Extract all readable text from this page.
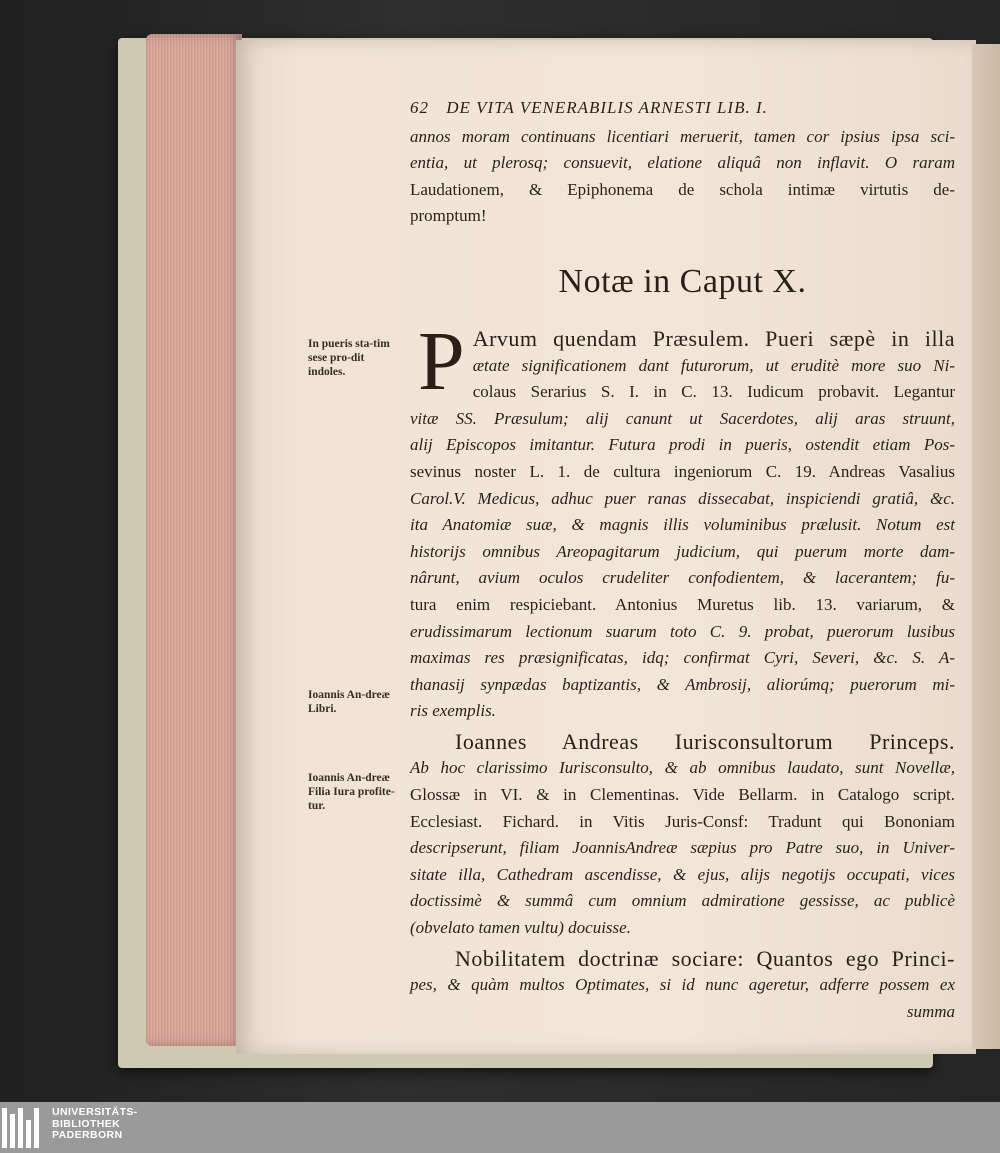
· · ·
· · ·
· · ·
· · ·
In pueris sta-tim sese pro-dit indoles.
Ioannis An-dreæ Libri.
Ioannis An-dreæ Filia Iura profite-tur.
62 DE VITA VENERABILIS ARNESTI LIB. I.
annos moram continuans licentiari meruerit, tamen cor ipsius ipsa sci-
entia, ut plerosq; consuevit, elatione aliquâ non inflavit. O raram
Laudationem, & Epiphonema de schola intimæ virtutis de-
promptum!
Notæ in Caput X.
P Arvum quendam Præsulem. Pueri sæpè in illa
ætate significationem dant futurorum, ut eruditè more suo Ni-
colaus Serarius S. I. in C. 13. Iudicum probavit. Legantur
vitæ SS. Præsulum; alij canunt ut Sacerdotes, alij aras struunt,
alij Episcopos imitantur. Futura prodi in pueris, ostendit etiam Pos-
sevinus noster L. 1. de cultura ingeniorum C. 19. Andreas Vasalius
Carol.V. Medicus, adhuc puer ranas dissecabat, inspiciendi gratiâ, &c.
ita Anatomiæ suæ, & magnis illis voluminibus prælusit. Notum est
historijs omnibus Areopagitarum judicium, qui puerum morte dam-
nârunt, avium oculos crudeliter confodientem, & lacerantem; fu-
tura enim respiciebant. Antonius Muretus lib. 13. variarum, &
erudissimarum lectionum suarum toto C. 9. probat, puerorum lusibus
maximas res præsignificatas, idq; confirmat Cyri, Severi, &c. S. A-
thanasij synpædas baptizantis, & Ambrosij, aliorúmq; puerorum mi-
ris exemplis.
Ioannes Andreas Iurisconsultorum Princeps.
Ab hoc clarissimo Iurisconsulto, & ab omnibus laudato, sunt Novellæ,
Glossæ in VI. & in Clementinas. Vide Bellarm. in Catalogo script.
Ecclesiast. Fichard. in Vitis Juris-Consf: Tradunt qui Bononiam
descripserunt, filiam JoannisAndreæ sæpius pro Patre suo, in Univer-
sitate illa, Cathedram ascendisse, & ejus, alijs negotijs occupati, vices
doctissimè & summâ cum omnium admiratione gessisse, ac publicè
(obvelato tamen vultu) docuisse.
Nobilitatem doctrinæ sociare: Quantos ego Princi-
pes, & quàm multos Optimates, si id nunc ageretur, adferre possem ex
summa
UNIVERSITÄTS-
BIBLIOTHEK
PADERBORN
